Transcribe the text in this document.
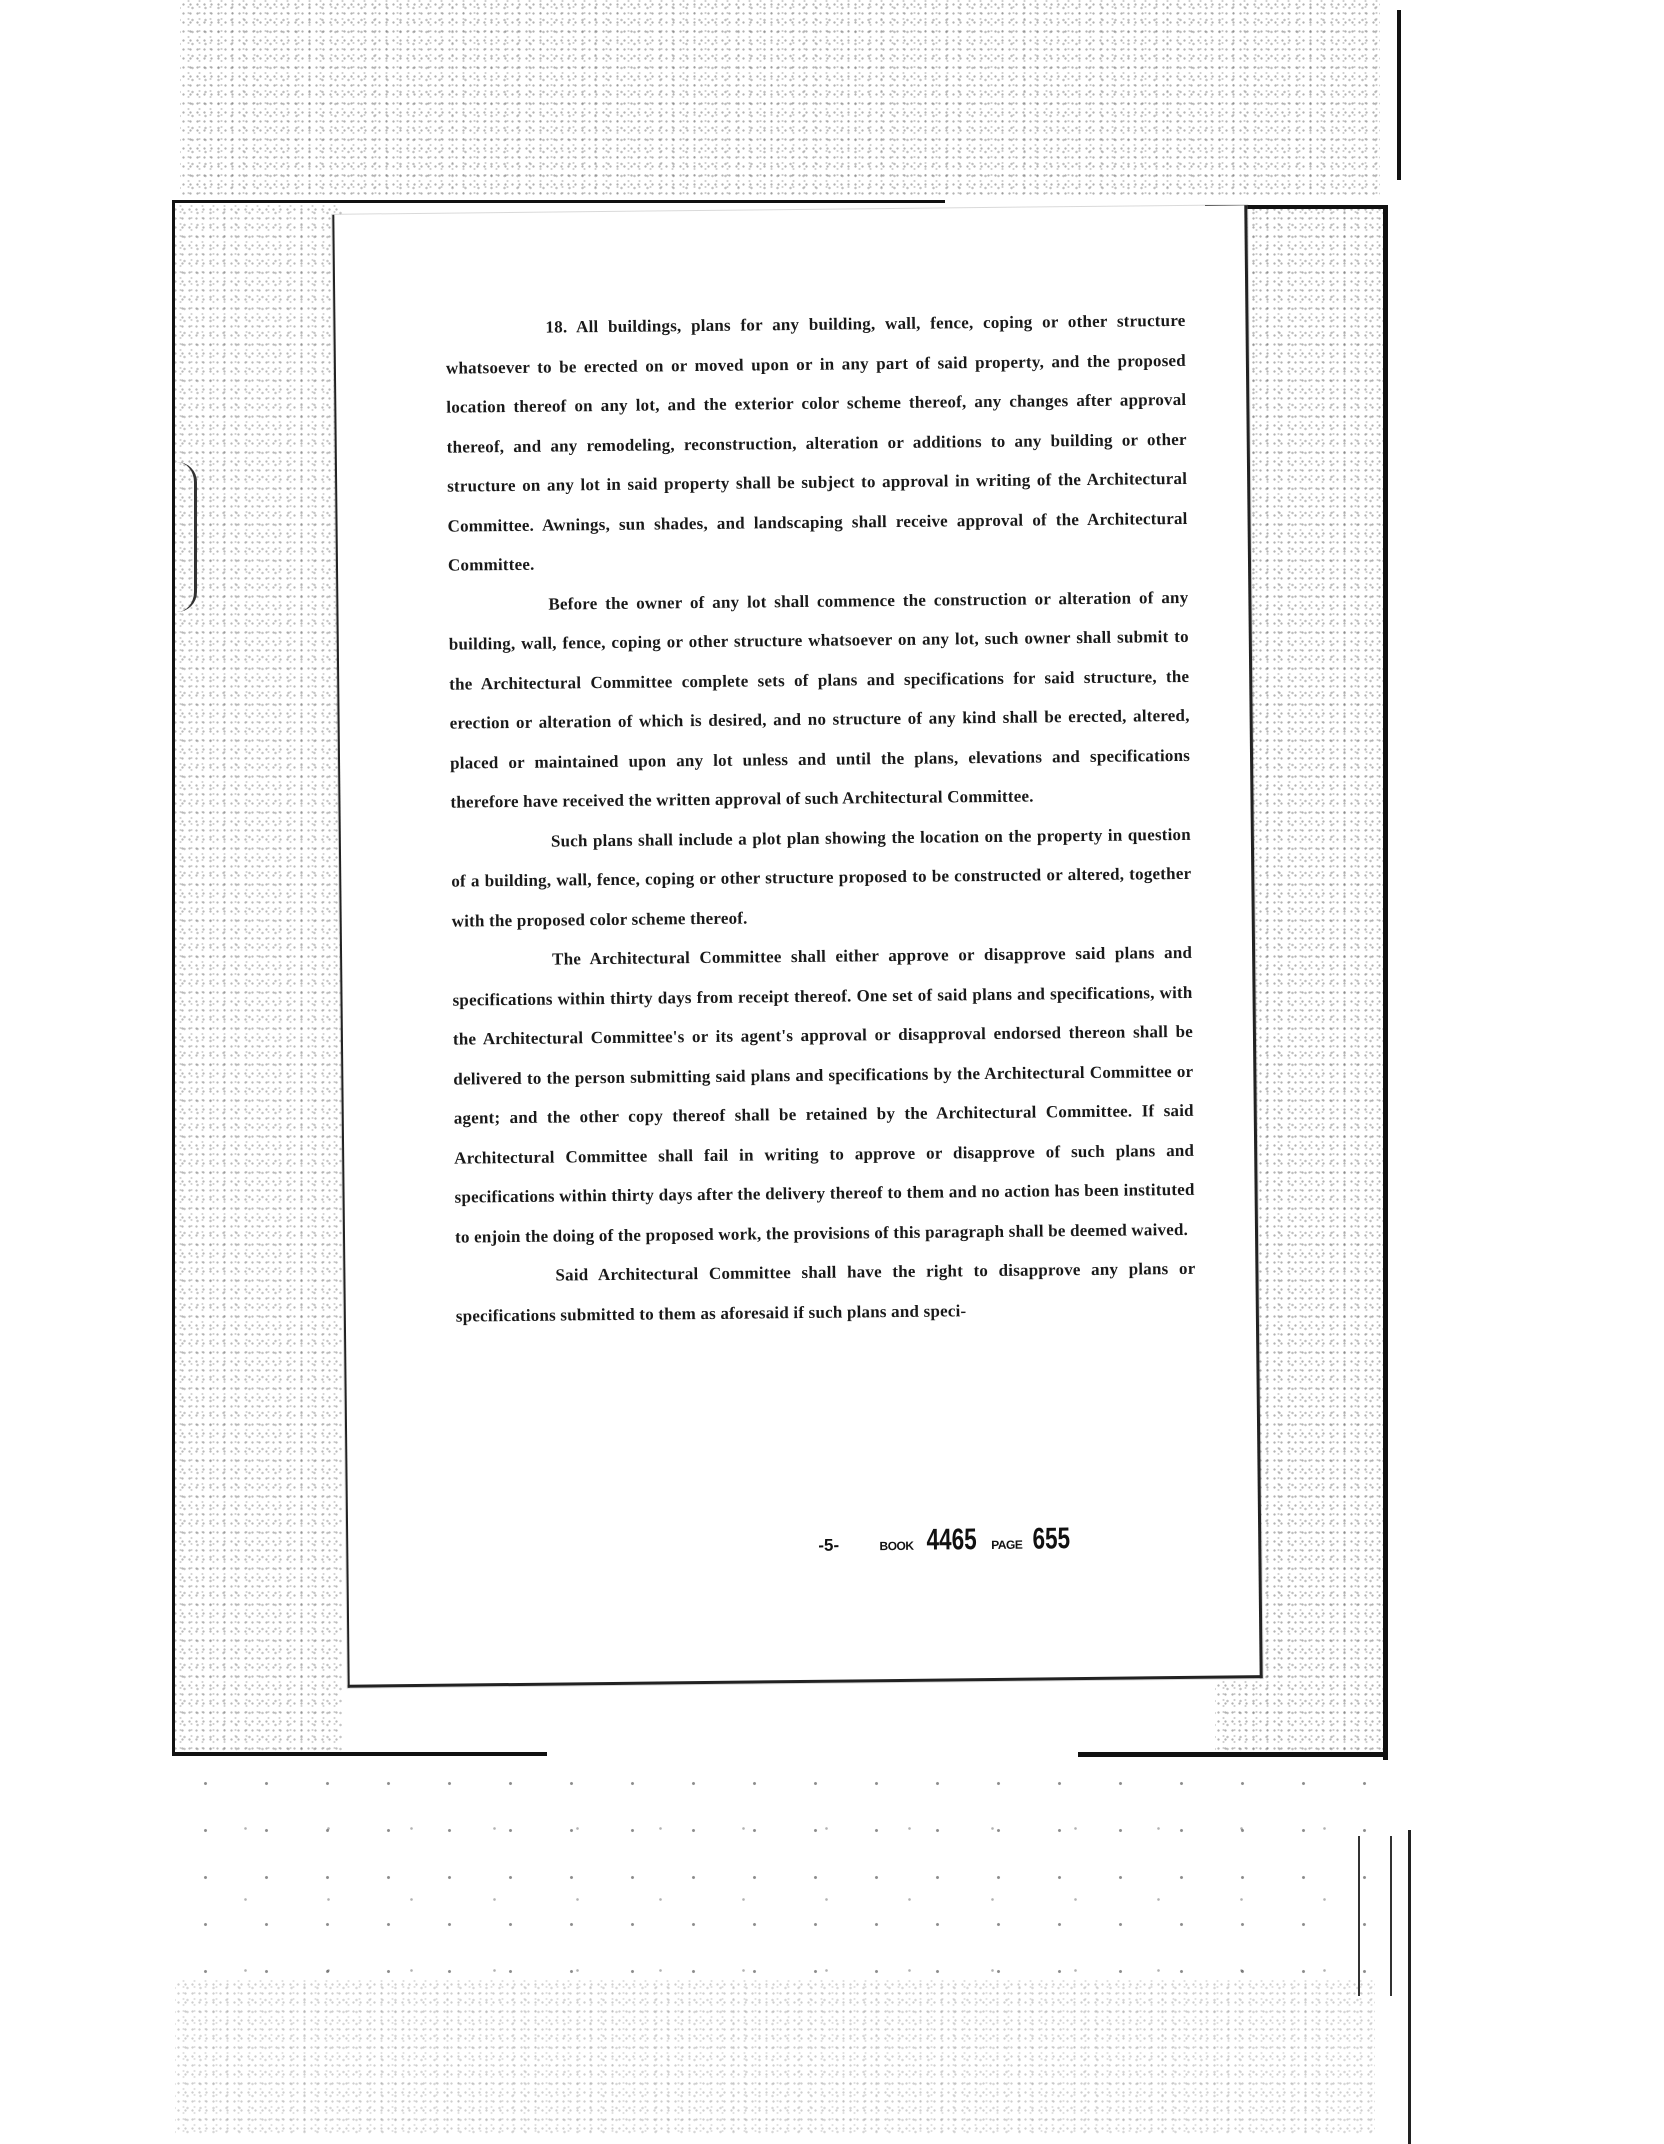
18. All buildings, plans for any building, wall, fence, coping or other structure whatsoever to be erected on or moved upon or in any part of said property, and the proposed location thereof on any lot, and the exterior color scheme thereof, any changes after approval thereof, and any remodeling, reconstruction, alteration or additions to any building or other structure on any lot in said property shall be subject to approval in writing of the Architectural Committee. Awnings, sun shades, and landscaping shall receive approval of the Architectural Committee.

Before the owner of any lot shall commence the construction or alteration of any building, wall, fence, coping or other structure whatsoever on any lot, such owner shall submit to the Architectural Committee complete sets of plans and specifications for said structure, the erection or alteration of which is desired, and no structure of any kind shall be erected, altered, placed or maintained upon any lot unless and until the plans, elevations and specifications therefore have received the written approval of such Architectural Committee.

Such plans shall include a plot plan showing the location on the property in question of a building, wall, fence, coping or other structure proposed to be constructed or altered, together with the proposed color scheme thereof.

The Architectural Committee shall either approve or disapprove said plans and specifications within thirty days from receipt thereof. One set of said plans and specifications, with the Architectural Committee's or its agent's approval or disapproval endorsed thereon shall be delivered to the person submitting said plans and specifications by the Architectural Committee or agent; and the other copy thereof shall be retained by the Architectural Committee. If said Architectural Committee shall fail in writing to approve or disapprove of such plans and specifications within thirty days after the delivery thereof to them and no action has been instituted to enjoin the doing of the proposed work, the provisions of this paragraph shall be deemed waived.

Said Architectural Committee shall have the right to disapprove any plans or specifications submitted to them as aforesaid if such plans and speci-

-5-	BOOK 4465 PAGE 655
